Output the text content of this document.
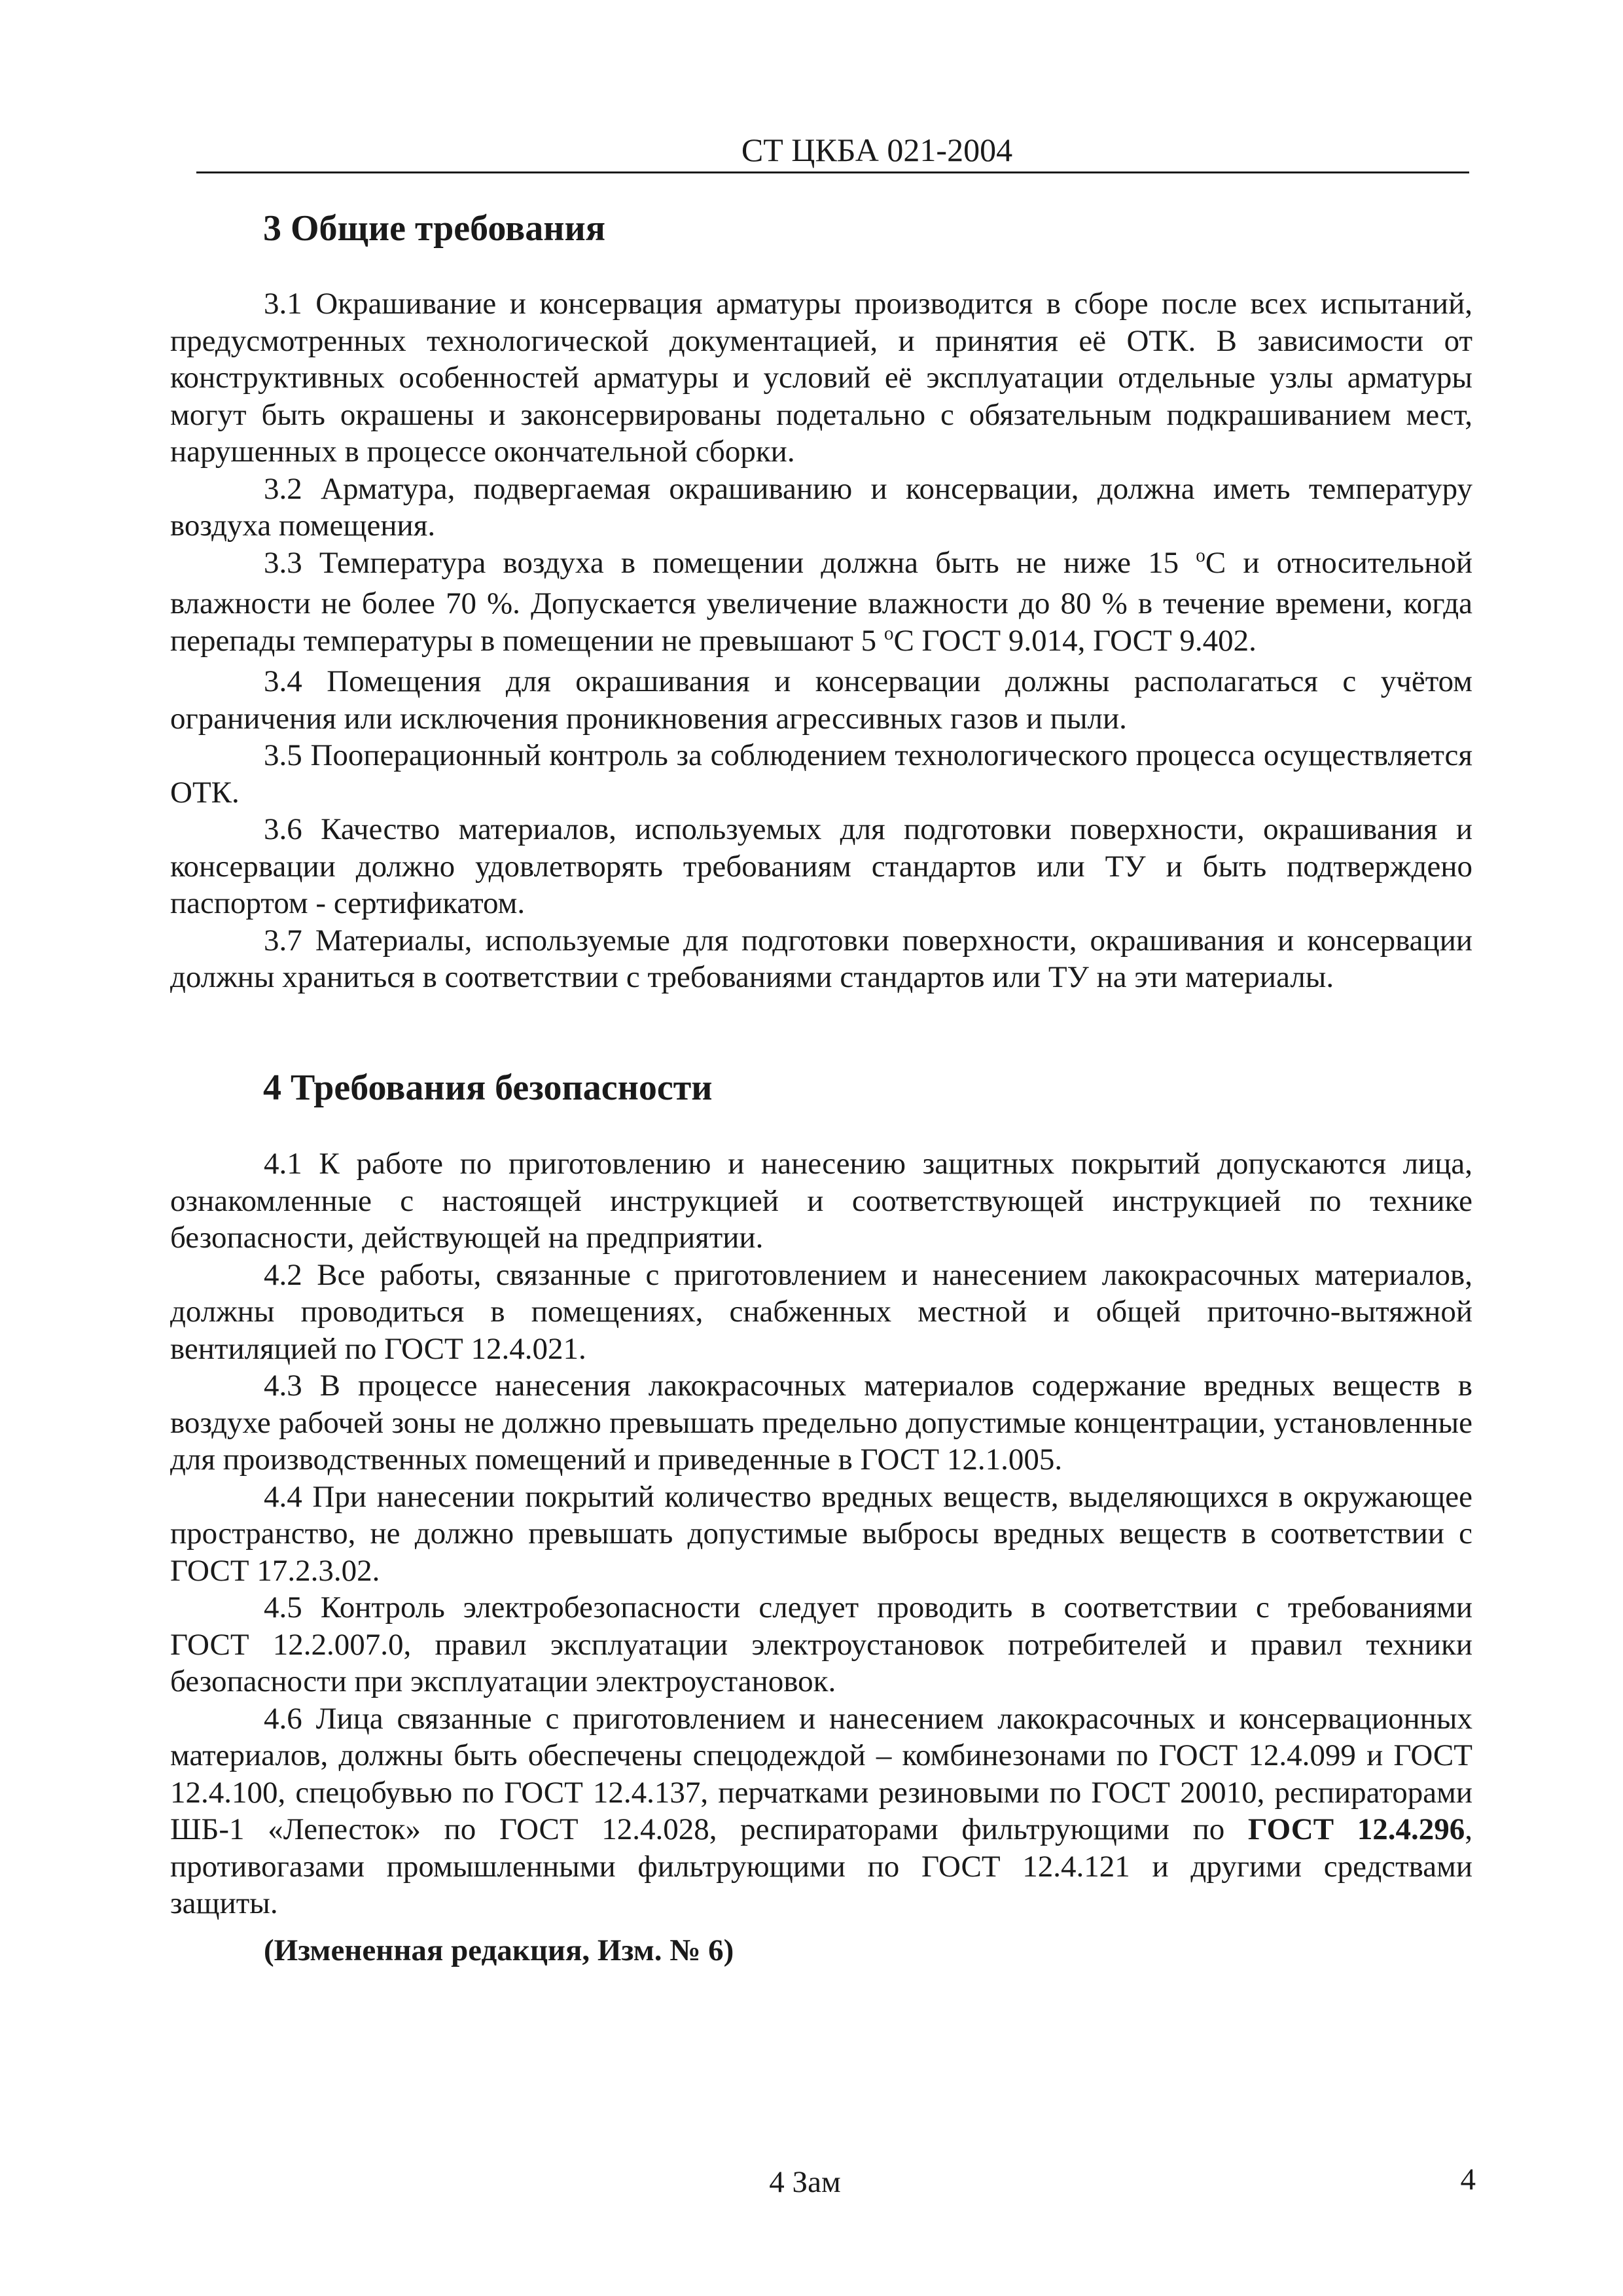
СТ ЦКБА 021-2004
3 Общие требования

3.1 Окрашивание и консервация арматуры производится в сборе после всех испытаний, предусмотренных технологической документацией, и принятия её ОТК. В зависимости от конструктивных особенностей арматуры и условий её эксплуатации отдельные узлы арматуры могут быть окрашены и законсервированы подетально с обязательным подкрашиванием мест, нарушенных в процессе окончательной сборки.

3.2 Арматура, подвергаемая окрашиванию и консервации, должна иметь температуру воздуха помещения.

3.3 Температура воздуха в помещении должна быть не ниже 15 $^о$С и относительной влажности не более 70 %. Допускается увеличение влажности до 80 % в течение времени, когда перепады температуры в помещении не превышают 5 $^о$С ГОСТ 9.014, ГОСТ 9.402.

3.4 Помещения для окрашивания и консервации должны располагаться с учётом ограничения или исключения проникновения агрессивных газов и пыли.

3.5 Пооперационный контроль за соблюдением технологического процесса осуществляется ОТК.

3.6 Качество материалов, используемых для подготовки поверхности, окрашивания и консервации должно удовлетворять требованиям стандартов или ТУ и быть подтверждено паспортом - сертификатом.

3.7 Материалы, используемые для подготовки поверхности, окрашивания и консервации должны храниться в соответствии с требованиями стандартов или ТУ на эти материалы.

4 Требования безопасности

4.1 К работе по приготовлению и нанесению защитных покрытий допускаются лица, ознакомленные с настоящей инструкцией и соответствующей инструкцией по технике безопасности, действующей на предприятии.

4.2 Все работы, связанные с приготовлением и нанесением лакокрасочных материалов, должны проводиться в помещениях, снабженных местной и общей приточно-вытяжной вентиляцией по ГОСТ 12.4.021.

4.3 В процессе нанесения лакокрасочных материалов содержание вредных веществ в воздухе рабочей зоны не должно превышать предельно допустимые концентрации, установленные для производственных помещений и приведенные в ГОСТ 12.1.005.

4.4 При нанесении покрытий количество вредных веществ, выделяющихся в окружающее пространство, не должно превышать допустимые выбросы вредных веществ в соответствии с ГОСТ 17.2.3.02.

4.5 Контроль электробезопасности следует проводить в соответствии с требованиями ГОСТ 12.2.007.0, правил эксплуатации электроустановок потребителей и правил техники безопасности при эксплуатации электроустановок.

4.6 Лица связанные с приготовлением и нанесением лакокрасочных и консервационных материалов, должны быть обеспечены спецодеждой – комбинезонами по ГОСТ 12.4.099 и ГОСТ 12.4.100, спецобувью по ГОСТ 12.4.137, перчатками резиновыми по ГОСТ 20010, респираторами ШБ-1 «Лепесток» по ГОСТ 12.4.028, респираторами фильтрующими по ГОСТ 12.4.296, противогазами промышленными фильтрующими по ГОСТ 12.4.121 и другими средствами защиты.

(Измененная редакция, Изм. № 6)

4 Зам	4
